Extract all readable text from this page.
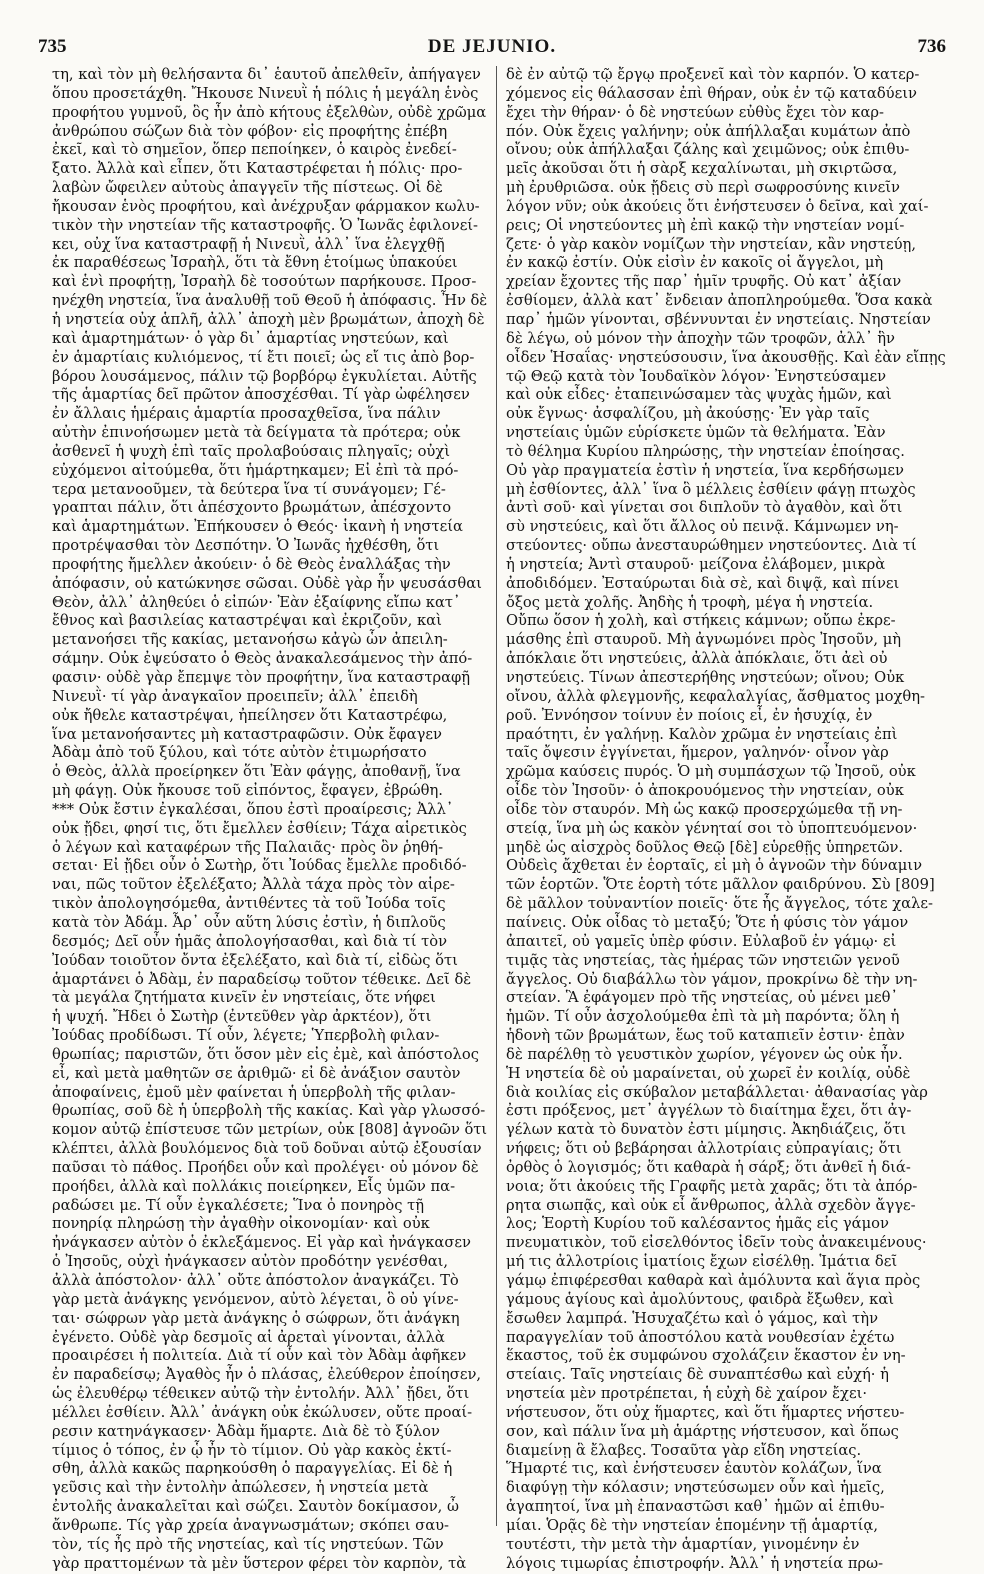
735	DE JEJUNIO.	736
τη, καὶ τὸν μὴ θελήσαντα δι᾽ ἑαυτοῦ ἀπελθεῖν, ἀπήγαγεν
ὅπου προσετάχθη. Ἤκουσε Νινευῒ ἡ πόλις ἡ μεγάλη ἑνὸς
προφήτου γυμνοῦ, ὃς ἦν ἀπὸ κήτους ἐξελθὼν, οὐδὲ χρῶμα
ἀνθρώπου σώζων διὰ τὸν φόβον· εἰς προφήτης ἐπέβη
ἐκεῖ, καὶ τὸ σημεῖον, ὅπερ πεποίηκεν, ὁ καιρὸς ἐνεδεί-
ξατο. Ἀλλὰ καὶ εἶπεν, ὅτι Καταστρέφεται ἡ πόλις· προ-
λαβὼν ὤφειλεν αὐτοὺς ἀπαγγεῖν τῆς πίστεως. Οἱ δὲ
ἤκουσαν ἑνὸς προφήτου, καὶ ἀνέχρυξαν φάρμακον κωλυ-
τικὸν τὴν νηστείαν τῆς καταστροφῆς. Ὁ Ἰωνᾶς ἐφιλονεί-
κει, οὐχ ἵνα καταστραφῇ ἡ Νινευῒ, ἀλλ᾽ ἵνα ἐλεγχθῇ
ἐκ παραθέσεως Ἰσραὴλ, ὅτι τὰ ἔθνη ἑτοίμως ὑπακούει
καὶ ἑνὶ προφήτῃ, Ἰσραὴλ δὲ τοσούτων παρήκουσε. Προσ-
ηνέχθη νηστεία, ἵνα ἀναλυθῇ τοῦ Θεοῦ ἡ ἀπόφασις. Ἦν δὲ
ἡ νηστεία οὐχ ἁπλῆ, ἀλλ᾽ ἀποχὴ μὲν βρωμάτων, ἀποχὴ δὲ
καὶ ἁμαρτημάτων· ὁ γὰρ δι᾽ ἁμαρτίας νηστεύων, καὶ
ἐν ἁμαρτίαις κυλιόμενος, τί ἔτι ποιεῖ; ὡς εἴ τις ἀπὸ βορ-
βόρου λουσάμενος, πάλιν τῷ βορβόρῳ ἐγκυλίεται. Αὐτῆς
τῆς ἁμαρτίας δεῖ πρῶτον ἀποσχέσθαι. Τί γὰρ ὠφέλησεν
ἐν ἄλλαις ἡμέραις ἁμαρτία προσαχθεῖσα, ἵνα πάλιν
αὐτὴν ἐπινοήσωμεν μετὰ τὰ δείγματα τὰ πρότερα; οὐκ
ἀσθενεῖ ἡ ψυχὴ ἐπὶ ταῖς προλαβούσαις πληγαῖς; οὐχὶ
εὐχόμενοι αἰτούμεθα, ὅτι ἡμάρτηκαμεν; Εἰ ἐπὶ τὰ πρό-
τερα μετανοοῦμεν, τὰ δεύτερα ἵνα τί συνάγομεν; Γέ-
γραπται πάλιν, ὅτι ἀπέσχοντο βρωμάτων, ἀπέσχοντο
καὶ ἁμαρτημάτων. Ἐπήκουσεν ὁ Θεός· ἱκανὴ ἡ νηστεία
προτρέψασθαι τὸν Δεσπότην. Ὁ Ἰωνᾶς ἠχθέσθη, ὅτι
προφήτης ἤμελλεν ἀκούειν· ὁ δὲ Θεὸς ἐναλλάξας τὴν
ἀπόφασιν, οὐ κατώκνησε σῶσαι. Οὐδὲ γὰρ ἦν ψευσάσθαι
Θεὸν, ἀλλ᾽ ἀληθεύει ὁ εἰπών· Ἐὰν ἐξαίφνης εἴπω κατ᾽
ἔθνος καὶ βασιλείας καταστρέψαι καὶ ἐκριζοῦν, καὶ
μετανοήσει τῆς κακίας, μετανοήσω κἀγὼ ὧν ἀπειλη-
σάμην. Οὐκ ἐψεύσατο ὁ Θεὸς ἀνακαλεσάμενος τὴν ἀπό-
φασιν· οὐδὲ γὰρ ἔπεμψε τὸν προφήτην, ἵνα καταστραφῇ
Νινευῒ· τί γὰρ ἀναγκαῖον προειπεῖν; ἀλλ᾽ ἐπειδὴ
οὐκ ἤθελε καταστρέψαι, ἠπείλησεν ὅτι Καταστρέφω,
ἵνα μετανοήσαντες μὴ καταστραφῶσιν. Οὐκ ἔφαγεν
Ἀδὰμ ἀπὸ τοῦ ξύλου, καὶ τότε αὐτὸν ἐτιμωρήσατο
ὁ Θεὸς, ἀλλὰ προείρηκεν ὅτι Ἐὰν φάγῃς, ἀποθανῇ, ἵνα
μὴ φάγῃ. Οὐκ ἤκουσε τοῦ εἰπόντος, ἔφαγεν, ἐβρώθη.
*** Οὐκ ἔστιν ἐγκαλέσαι, ὅπου ἐστὶ προαίρεσις; Ἀλλ᾽
οὐκ ᾔδει, φησί τις, ὅτι ἔμελλεν ἐσθίειν; Τάχα αἱρετικὸς
ὁ λέγων καὶ καταφέρων τῆς Παλαιᾶς· πρὸς ὃν ῥηθή-
σεται· Εἰ ᾔδει οὖν ὁ Σωτὴρ, ὅτι Ἰούδας ἔμελλε προδιδό-
ναι, πῶς τοῦτον ἐξελέξατο; Ἀλλὰ τάχα πρὸς τὸν αἱρε-
τικὸν ἀπολογησόμεθα, ἀντιθέντες τὰ τοῦ Ἰούδα τοῖς
κατὰ τὸν Ἀδάμ. Ἆρ᾽ οὖν αὕτη λύσις ἐστὶν, ἡ διπλοῦς
δεσμός; Δεῖ οὖν ἡμᾶς ἀπολογήσασθαι, καὶ διὰ τί τὸν
Ἰούδαν τοιοῦτον ὄντα ἐξελέξατο, καὶ διὰ τί, εἰδὼς ὅτι
ἁμαρτάνει ὁ Ἀδὰμ, ἐν παραδείσῳ τοῦτον τέθεικε. Δεῖ δὲ
τὰ μεγάλα ζητήματα κινεῖν ἐν νηστείαις, ὅτε νήφει
ἡ ψυχή. Ἤδει ὁ Σωτὴρ (ἐντεῦθεν γὰρ ἀρκτέον), ὅτι
Ἰούδας προδίδωσι. Τί οὖν, λέγετε; Ὑπερβολὴ φιλαν-
θρωπίας; παριστῶν, ὅτι ὅσον μὲν εἰς ἐμὲ, καὶ ἀπόστολος
εἶ, καὶ μετὰ μαθητῶν σε ἀριθμῶ· εἰ δὲ ἀνάξιον σαυτὸν
ἀποφαίνεις, ἐμοῦ μὲν φαίνεται ἡ ὑπερβολὴ τῆς φιλαν-
θρωπίας, σοῦ δὲ ἡ ὑπερβολὴ τῆς κακίας. Καὶ γὰρ γλωσσό-
κομον αὐτῷ ἐπίστευσε τῶν μετρίων, οὐκ [808] ἀγνοῶν ὅτι
κλέπτει, ἀλλὰ βουλόμενος διὰ τοῦ δοῦναι αὐτῷ ἐξουσίαν
παῦσαι τὸ πάθος. Προήδει οὖν καὶ προλέγει· οὐ μόνον δὲ
προήδει, ἀλλὰ καὶ πολλάκις ποιείρηκεν, Εἷς ὑμῶν πα-
ραδώσει με. Τί οὖν ἐγκαλέσετε; Ἵνα ὁ πονηρὸς τῇ
πονηρίᾳ πληρώσῃ τὴν ἀγαθὴν οἰκονομίαν· καὶ οὐκ
ἠνάγκασεν αὐτὸν ὁ ἐκλεξάμενος. Εἰ γὰρ καὶ ἠνάγκασεν
ὁ Ἰησοῦς, οὐχὶ ἠνάγκασεν αὐτὸν προδότην γενέσθαι,
ἀλλὰ ἀπόστολον· ἀλλ᾽ οὔτε ἀπόστολον ἀναγκάζει. Τὸ
γὰρ μετὰ ἀνάγκης γενόμενον, αὐτὸ λέγεται, ὃ οὐ γίνε-
ται· σώφρων γὰρ μετὰ ἀνάγκης ὁ σώφρων, ὅτι ἀνάγκη
ἐγένετο. Οὐδὲ γὰρ δεσμοῖς αἱ ἀρεταὶ γίνονται, ἀλλὰ
προαιρέσει ἡ πολιτεία. Διὰ τί οὖν καὶ τὸν Ἀδὰμ ἀφῆκεν
ἐν παραδείσῳ; Ἀγαθὸς ἦν ὁ πλάσας, ἐλεύθερον ἐποίησεν,
ὡς ἐλευθέρῳ τέθεικεν αὐτῷ τὴν ἐντολήν. Ἀλλ᾽ ᾔδει, ὅτι
μέλλει ἐσθίειν. Ἀλλ᾽ ἀνάγκη οὐκ ἐκώλυσεν, οὔτε προαί-
ρεσιν κατηνάγκασεν· Ἀδὰμ ἥμαρτε. Διὰ δὲ τὸ ξύλον
τίμιος ὁ τόπος, ἐν ᾧ ἦν τὸ τίμιον. Οὐ γὰρ κακὸς ἐκτί-
σθη, ἀλλὰ κακῶς παρηκούσθη ὁ παραγγελίας. Εἰ δὲ ἡ
γεῦσις καὶ τὴν ἐντολὴν ἀπώλεσεν, ἡ νηστεία μετὰ
ἐντολῆς ἀνακαλεῖται καὶ σώζει. Σαυτὸν δοκίμασον, ὦ
ἄνθρωπε. Τίς γὰρ χρεία ἀναγνωσμάτων; σκόπει σαυ-
τὸν, τίς ἦς πρὸ τῆς νηστείας, καὶ τίς νηστεύων. Τῶν
γὰρ πραττομένων τὰ μὲν ὕστερον φέρει τὸν καρπὸν, τὰ
δὲ ἐν αὐτῷ τῷ ἔργῳ προξενεῖ καὶ τὸν καρπόν. Ὁ κατερ-
χόμενος εἰς θάλασσαν ἐπὶ θήραν, οὐκ ἐν τῷ καταδύειν
ἔχει τὴν θήραν· ὁ δὲ νηστεύων εὐθὺς ἔχει τὸν καρ-
πόν. Οὐκ ἔχεις γαλήνην; οὐκ ἀπήλλαξαι κυμάτων ἀπὸ
οἴνου; οὐκ ἀπήλλαξαι ζάλης καὶ χειμῶνος; οὐκ ἐπιθυ-
μεῖς ἀκοῦσαι ὅτι ἡ σὰρξ κεχαλίνωται, μὴ σκιρτῶσα,
μὴ ἐρυθριῶσα. οὐκ ᾔδεις σὺ περὶ σωφροσύνης κινεῖν
λόγον νῦν; οὐκ ἀκούεις ὅτι ἐνήστευσεν ὁ δεῖνα, καὶ χαί-
ρεις; Οἱ νηστεύοντες μὴ ἐπὶ κακῷ τὴν νηστείαν νομί-
ζετε· ὁ γὰρ κακὸν νομίζων τὴν νηστείαν, κἂν νηστεύῃ,
ἐν κακῷ ἐστίν. Οὐκ εἰσὶν ἐν κακοῖς οἱ ἄγγελοι, μὴ
χρείαν ἔχοντες τῆς παρ᾽ ἡμῖν τρυφῆς. Οὐ κατ᾽ ἀξίαν
ἐσθίομεν, ἀλλὰ κατ᾽ ἔνδειαν ἀποπληρούμεθα. Ὅσα κακὰ
παρ᾽ ἡμῶν γίνονται, σβέννυνται ἐν νηστείαις. Νηστείαν
δὲ λέγω, οὐ μόνον τὴν ἀποχὴν τῶν τροφῶν, ἀλλ᾽ ἣν
οἶδεν Ἡσαΐας· νηστεύσουσιν, ἵνα ἀκουσθῇς. Καὶ ἐὰν εἴπῃς
τῷ Θεῷ κατὰ τὸν Ἰουδαϊκὸν λόγον· Ἐνηστεύσαμεν
καὶ οὐκ εἶδες· ἐταπεινώσαμεν τὰς ψυχὰς ἡμῶν, καὶ
οὐκ ἔγνως· ἀσφαλίζου, μὴ ἀκούσῃς· Ἐν γὰρ ταῖς
νηστείαις ὑμῶν εὑρίσκετε ὑμῶν τὰ θελήματα. Ἐὰν
τὸ θέλημα Κυρίου πληρώσῃς, τὴν νηστείαν ἐποίησας.
Οὐ γὰρ πραγματεία ἐστὶν ἡ νηστεία, ἵνα κερδήσωμεν
μὴ ἐσθίοντες, ἀλλ᾽ ἵνα ὃ μέλλεις ἐσθίειν φάγῃ πτωχὸς
ἀντὶ σοῦ· καὶ γίνεται σοι διπλοῦν τὸ ἀγαθὸν, καὶ ὅτι
σὺ νηστεύεις, καὶ ὅτι ἄλλος οὐ πεινᾷ. Κάμνωμεν νη-
στεύοντες· οὔπω ἀνεσταυρώθημεν νηστεύοντες. Διὰ τί
ἡ νηστεία; Ἀντὶ σταυροῦ· μείζονα ἐλάβομεν, μικρὰ
ἀποδιδόμεν. Ἐσταύρωται διὰ σὲ, καὶ διψᾷ, καὶ πίνει
ὄξος μετὰ χολῆς. Ἀηδὴς ἡ τροφὴ, μέγα ἡ νηστεία.
Οὔπω ὅσον ἡ χολὴ, καὶ στήκεις κάμνων; οὔπω ἐκρε-
μάσθης ἐπὶ σταυροῦ. Μὴ ἀγνωμόνει πρὸς Ἰησοῦν, μὴ
ἀπόκλαιε ὅτι νηστεύεις, ἀλλὰ ἀπόκλαιε, ὅτι ἀεὶ οὐ
νηστεύεις. Τίνων ἀπεστερήθης νηστεύων; οἴνου; Οὐκ
οἴνου, ἀλλὰ φλεγμονῆς, κεφαλαλγίας, ἄσθματος μοχθη-
ροῦ. Ἐννόησον τοίνυν ἐν ποίοις εἶ, ἐν ἡσυχίᾳ, ἐν
πραότητι, ἐν γαλήνῃ. Καλὸν χρῶμα ἐν νηστείαις ἐπὶ
ταῖς ὄψεσιν ἐγγίνεται, ἥμερον, γαληνόν· οἶνον γὰρ
χρῶμα καύσεις πυρός. Ὁ μὴ συμπάσχων τῷ Ἰησοῦ, οὐκ
οἶδε τὸν Ἰησοῦν· ὁ ἀποκρουόμενος τὴν νηστείαν, οὐκ
οἶδε τὸν σταυρόν. Μὴ ὡς κακῷ προσερχώμεθα τῇ νη-
στείᾳ, ἵνα μὴ ὡς κακὸν γένηταί σοι τὸ ὑποπτευόμενον·
μηδὲ ὡς αἰσχρὸς δοῦλος Θεῷ [δὲ] εὑρεθῇς ὑπηρετῶν.
Οὐδεὶς ἄχθεται ἐν ἑορταῖς, εἰ μὴ ὁ ἀγνοῶν τὴν δύναμιν
τῶν ἑορτῶν. Ὅτε ἑορτὴ τότε μᾶλλον φαιδρύνου. Σὺ [809]
δὲ μᾶλλον τοὐναντίον ποιεῖς· ὅτε ἧς ἄγγελος, τότε χαλε-
παίνεις. Οὐκ οἶδας τὸ μεταξύ; Ὅτε ἡ φύσις τὸν γάμον
ἀπαιτεῖ, οὐ γαμεῖς ὑπὲρ φύσιν. Εὐλαβοῦ ἐν γάμῳ· εἰ
τιμᾷς τὰς νηστείας, τὰς ἡμέρας τῶν νηστειῶν γενοῦ
ἄγγελος. Οὐ διαβάλλω τὸν γάμον, προκρίνω δὲ τὴν νη-
στείαν. Ἃ ἐφάγομεν πρὸ τῆς νηστείας, οὐ μένει μεθ᾽
ἡμῶν. Τί οὖν ἀσχολούμεθα ἐπὶ τὰ μὴ παρόντα; ὅλη ἡ
ἡδονὴ τῶν βρωμάτων, ἕως τοῦ καταπιεῖν ἐστιν· ἐπὰν
δὲ παρέλθῃ τὸ γευστικὸν χωρίον, γέγονεν ὡς οὐκ ἦν.
Ἡ νηστεία δὲ οὐ μαραίνεται, οὐ χωρεῖ ἐν κοιλίᾳ, οὐδὲ
διὰ κοιλίας εἰς σκύβαλον μεταβάλλεται· ἀθανασίας γὰρ
ἐστι πρόξενος, μετ᾽ ἀγγέλων τὸ διαίτημα ἔχει, ὅτι ἀγ-
γέλων κατὰ τὸ δυνατὸν ἐστι μίμησις. Ἀκηδιάζεις, ὅτι
νήφεις; ὅτι οὐ βεβάρησαι ἀλλοτρίαις εὐπραγίαις; ὅτι
ὀρθὸς ὁ λογισμός; ὅτι καθαρὰ ἡ σάρξ; ὅτι ἀνθεῖ ἡ διά-
νοια; ὅτι ἀκούεις τῆς Γραφῆς μετὰ χαρᾶς; ὅτι τὰ ἀπόρ-
ρητα σιωπᾷς, καὶ οὐκ εἶ ἄνθρωπος, ἀλλὰ σχεδὸν ἄγγε-
λος; Ἑορτὴ Κυρίου τοῦ καλέσαντος ἡμᾶς εἰς γάμον
πνευματικὸν, τοῦ εἰσελθόντος ἰδεῖν τοὺς ἀνακειμένους·
μή τις ἀλλοτρίοις ἱματίοις ἔχων εἰσέλθῃ. Ἱμάτια δεῖ
γάμῳ ἐπιφέρεσθαι καθαρὰ καὶ ἀμόλυντα καὶ ἅγια πρὸς
γάμους ἁγίους καὶ ἀμολύντους, φαιδρὰ ἔξωθεν, καὶ
ἔσωθεν λαμπρά. Ἡσυχαζέτω καὶ ὁ γάμος, καὶ τὴν
παραγγελίαν τοῦ ἀποστόλου κατὰ νουθεσίαν ἐχέτω
ἕκαστος, τοῦ ἐκ συμφώνου σχολάζειν ἕκαστον ἐν νη-
στείαις. Ταῖς νηστείαις δὲ συναπτέσθω καὶ εὐχή· ἡ
νηστεία μὲν προτρέπεται, ἡ εὐχὴ δὲ χαίρον ἔχει·
νήστευσον, ὅτι οὐχ ἥμαρτες, καὶ ὅτι ἥμαρτες νήστευ-
σον, καὶ πάλιν ἵνα μὴ ἁμάρτῃς νήστευσον, καὶ ὅπως
διαμείνῃ ἃ ἔλαβες. Τοσαῦτα γὰρ εἴδη νηστείας.
Ἥμαρτέ τις, καὶ ἐνήστευσεν ἑαυτὸν κολάζων, ἵνα
διαφύγῃ τὴν κόλασιν; νηστεύσωμεν οὖν καὶ ἡμεῖς,
ἀγαπητοί, ἵνα μὴ ἐπαναστῶσι καθ᾽ ἡμῶν αἱ ἐπιθυ-
μίαι. Ὁρᾷς δὲ τὴν νηστείαν ἑπομένην τῇ ἁμαρτίᾳ,
τουτέστι, τὴν μετὰ τὴν ἁμαρτίαν, γινομένην ἐν
λόγοις τιμωρίας ἐπιστροφήν. Ἀλλ᾽ ἡ νηστεία πρω-
